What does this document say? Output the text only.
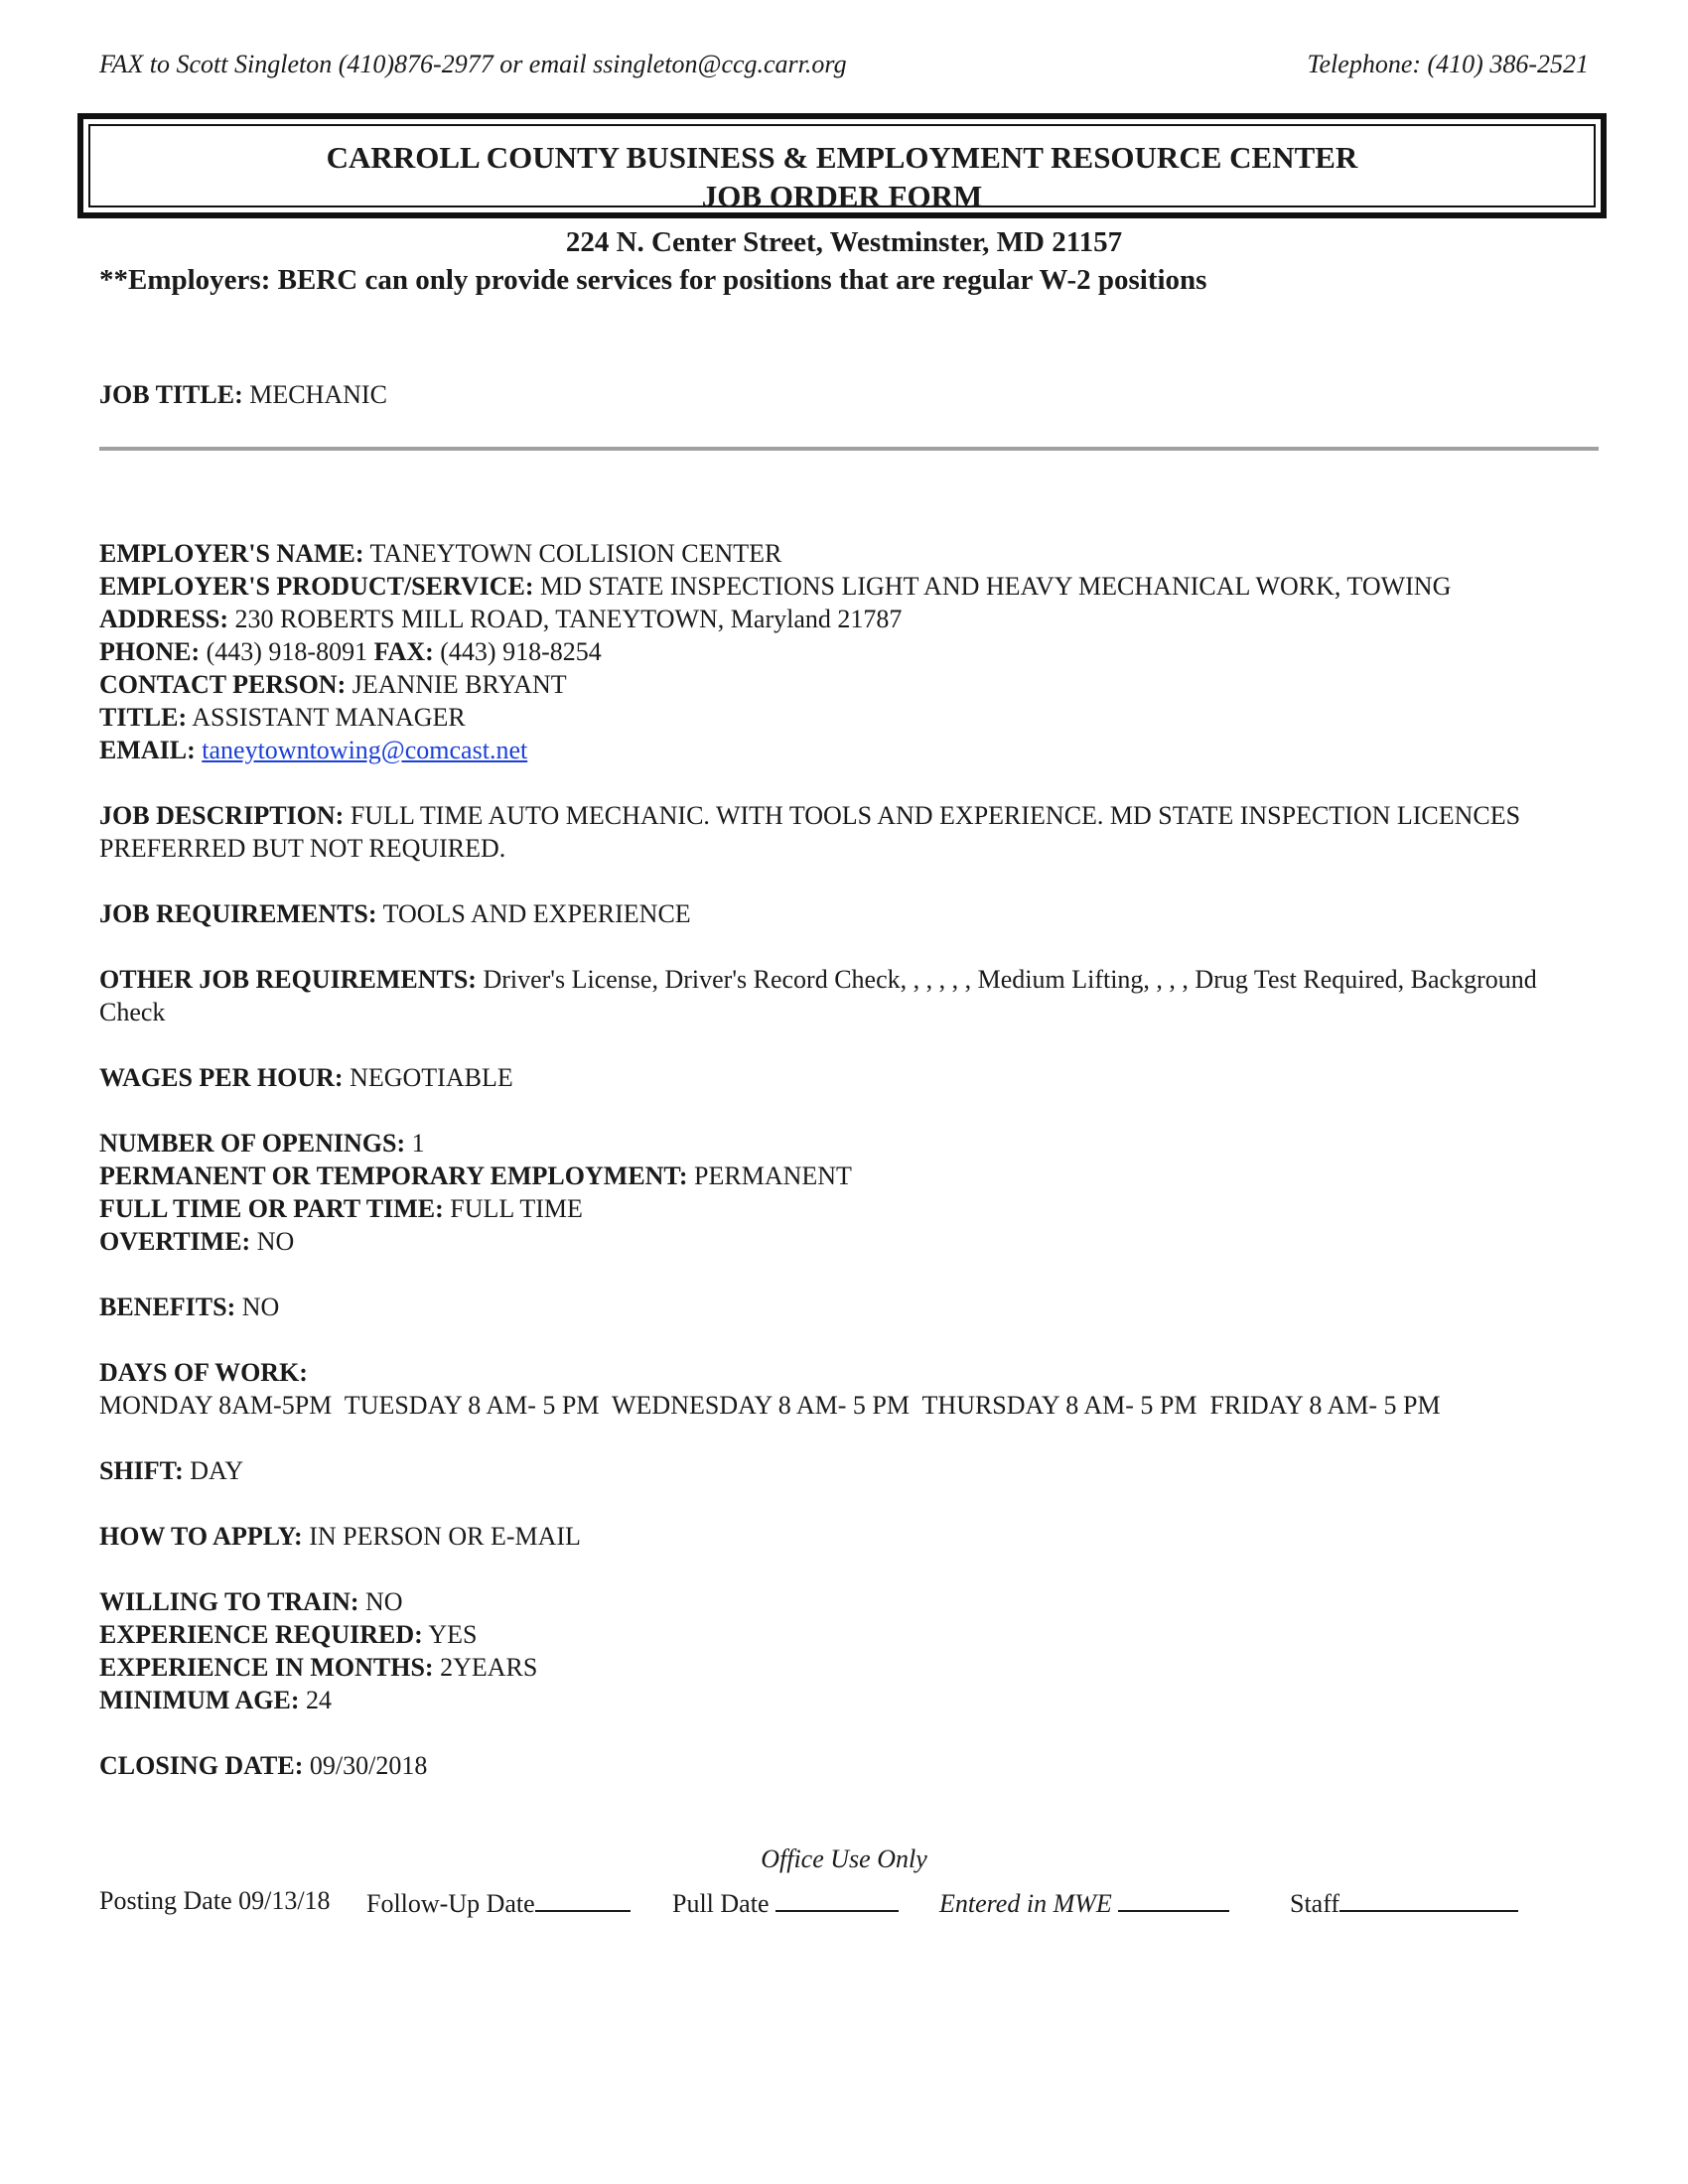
FAX to Scott Singleton (410)876-2977 or email ssingleton@ccg.carr.org	Telephone: (410) 386-2521
CARROLL COUNTY BUSINESS & EMPLOYMENT RESOURCE CENTER
JOB ORDER FORM
224 N. Center Street, Westminster, MD 21157
**Employers: BERC can only provide services for positions that are regular W-2 positions
JOB TITLE: MECHANIC
EMPLOYER'S NAME: TANEYTOWN COLLISION CENTER
EMPLOYER'S PRODUCT/SERVICE: MD STATE INSPECTIONS LIGHT AND HEAVY MECHANICAL WORK, TOWING
ADDRESS: 230 ROBERTS MILL ROAD, TANEYTOWN, Maryland 21787
PHONE: (443) 918-8091 FAX: (443) 918-8254
CONTACT PERSON: JEANNIE BRYANT
TITLE: ASSISTANT MANAGER
EMAIL: taneytowntowing@comcast.net
JOB DESCRIPTION: FULL TIME AUTO MECHANIC. WITH TOOLS AND EXPERIENCE. MD STATE INSPECTION LICENCES PREFERRED BUT NOT REQUIRED.
JOB REQUIREMENTS: TOOLS AND EXPERIENCE
OTHER JOB REQUIREMENTS: Driver's License, Driver's Record Check, , , , , , Medium Lifting, , , , Drug Test Required, Background Check
WAGES PER HOUR: NEGOTIABLE
NUMBER OF OPENINGS: 1
PERMANENT OR TEMPORARY EMPLOYMENT: PERMANENT
FULL TIME OR PART TIME: FULL TIME
OVERTIME: NO
BENEFITS: NO
DAYS OF WORK:
MONDAY 8AM-5PM  TUESDAY 8 AM- 5 PM  WEDNESDAY 8 AM- 5 PM  THURSDAY 8 AM- 5 PM  FRIDAY 8 AM- 5 PM
SHIFT: DAY
HOW TO APPLY: IN PERSON OR E-MAIL
WILLING TO TRAIN: NO
EXPERIENCE REQUIRED: YES
EXPERIENCE IN MONTHS: 2YEARS
MINIMUM AGE: 24
CLOSING DATE: 09/30/2018
Office Use Only
Posting Date 09/13/18 Follow-Up Date	Pull Date	Entered in MWE	Staff
